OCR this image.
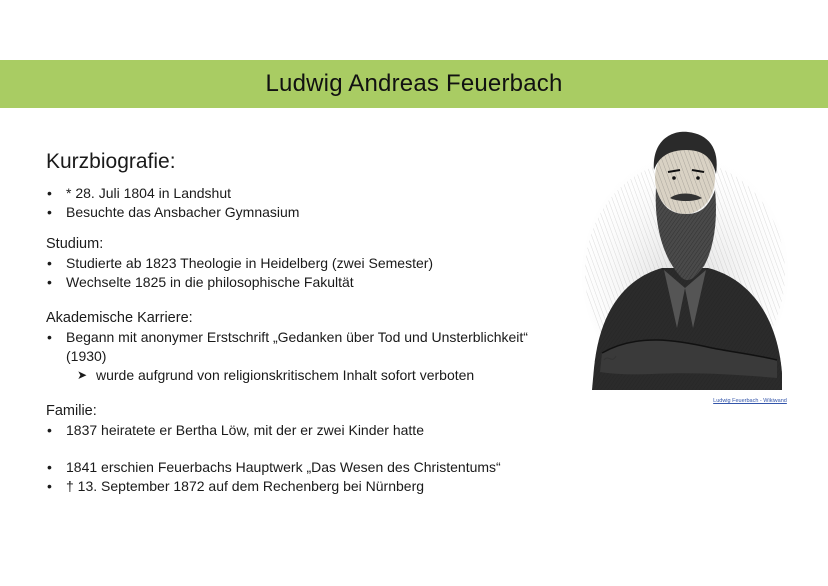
Ludwig Andreas Feuerbach
Kurzbiografie:
• * 28. Juli 1804 in Landshut
• Besuchte das Ansbacher Gymnasium
Studium:
• Studierte ab 1823 Theologie in Heidelberg (zwei Semester)
• Wechselte 1825 in die philosophische Fakultät
Akademische Karriere:
• Begann mit anonymer Erstschrift „Gedanken über Tod und Unsterblichkeit“ (1930)
➤ wurde aufgrund von religionskritischem Inhalt sofort verboten
Familie:
• 1837 heiratete er Bertha Löw, mit der er zwei Kinder hatte
• 1841 erschien Feuerbachs Hauptwerk „Das Wesen des Christentums“
• † 13. September 1872 auf dem Rechenberg bei Nürnberg
Ludwig Feuerbach - Wikiwand
